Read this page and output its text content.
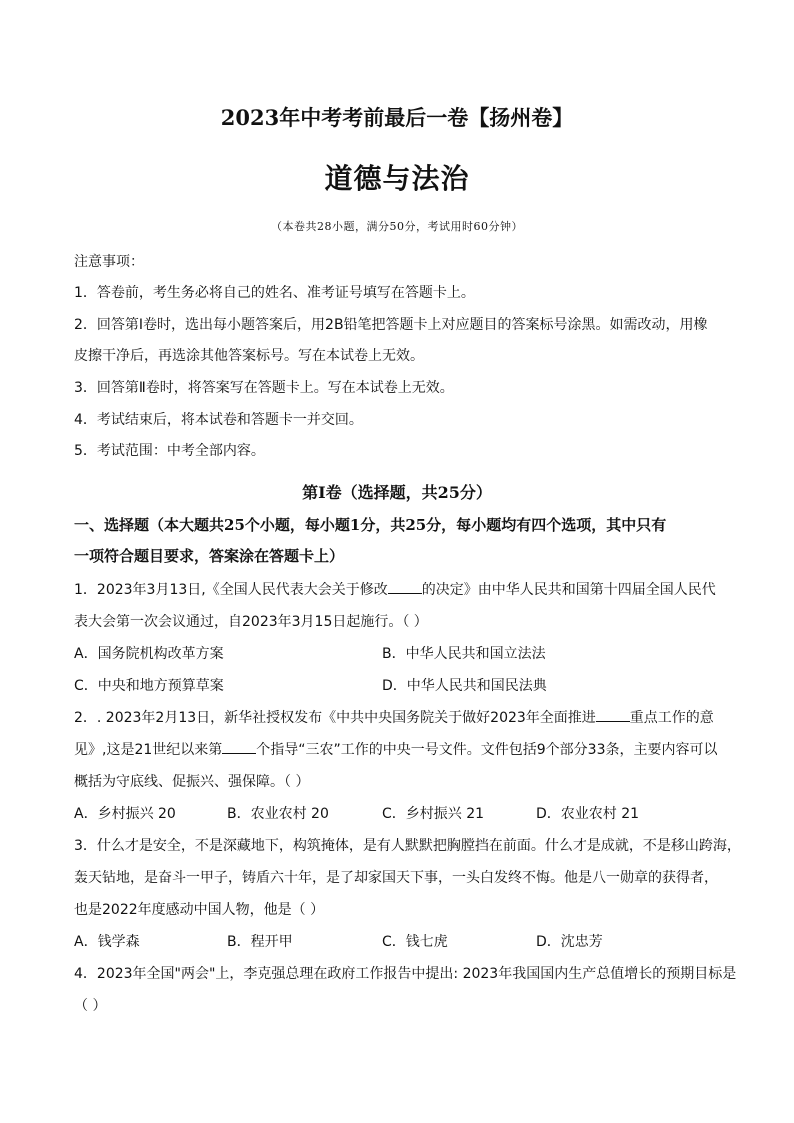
2023年中考考前最后一卷【扬州卷】
道德与法治
（本卷共28小题，满分50分，考试用时60分钟）
注意事项：
1．答卷前，考生务必将自己的姓名、准考证号填写在答题卡上。
2．回答第Ⅰ卷时，选出每小题答案后，用2B铅笔把答题卡上对应题目的答案标号涂黑。如需改动，用橡
皮擦干净后，再选涂其他答案标号。写在本试卷上无效。
3．回答第Ⅱ卷时，将答案写在答题卡上。写在本试卷上无效。
4．考试结束后，将本试卷和答题卡一并交回。
5．考试范围：中考全部内容。
第Ⅰ卷（选择题，共25分）
一、选择题（本大题共25个小题，每小题1分，共25分，每小题均有四个选项，其中只有
一项符合题目要求，答案涂在答题卡上）
1．2023年3月13日,《全国人民代表大会关于修改 的决定》由中华人民共和国第十四届全国人民代
表大会第一次会议通过，自2023年3月15日起施行。（ ）
A．国务院机构改革方案	B．中华人民共和国立法法
C．中央和地方预算草案	D．中华人民共和国民法典
2．. 2023年2月13日，新华社授权发布《中共中央国务院关于做好2023年全面推进 重点工作的意
见》,这是21世纪以来第 个指导“三农”工作的中央一号文件。文件包括9个部分33条，主要内容可以
概括为守底线、促振兴、强保障。（ ）
A．乡村振兴 20	B．农业农村 20	C．乡村振兴 21	D．农业农村 21
3．什么才是安全，不是深藏地下，构筑掩体，是有人默默把胸膛挡在前面。什么才是成就，不是移山跨海，
轰天钻地，是奋斗一甲子，铸盾六十年，是了却家国天下事，一头白发终不悔。他是八一勋章的获得者，
也是2022年度感动中国人物，他是（ ）
A．钱学森	B．程开甲	C．钱七虎	D．沈忠芳
4．2023年全国"两会"上，李克强总理在政府工作报告中提出: 2023年我国国内生产总值增长的预期目标是
（ ）
